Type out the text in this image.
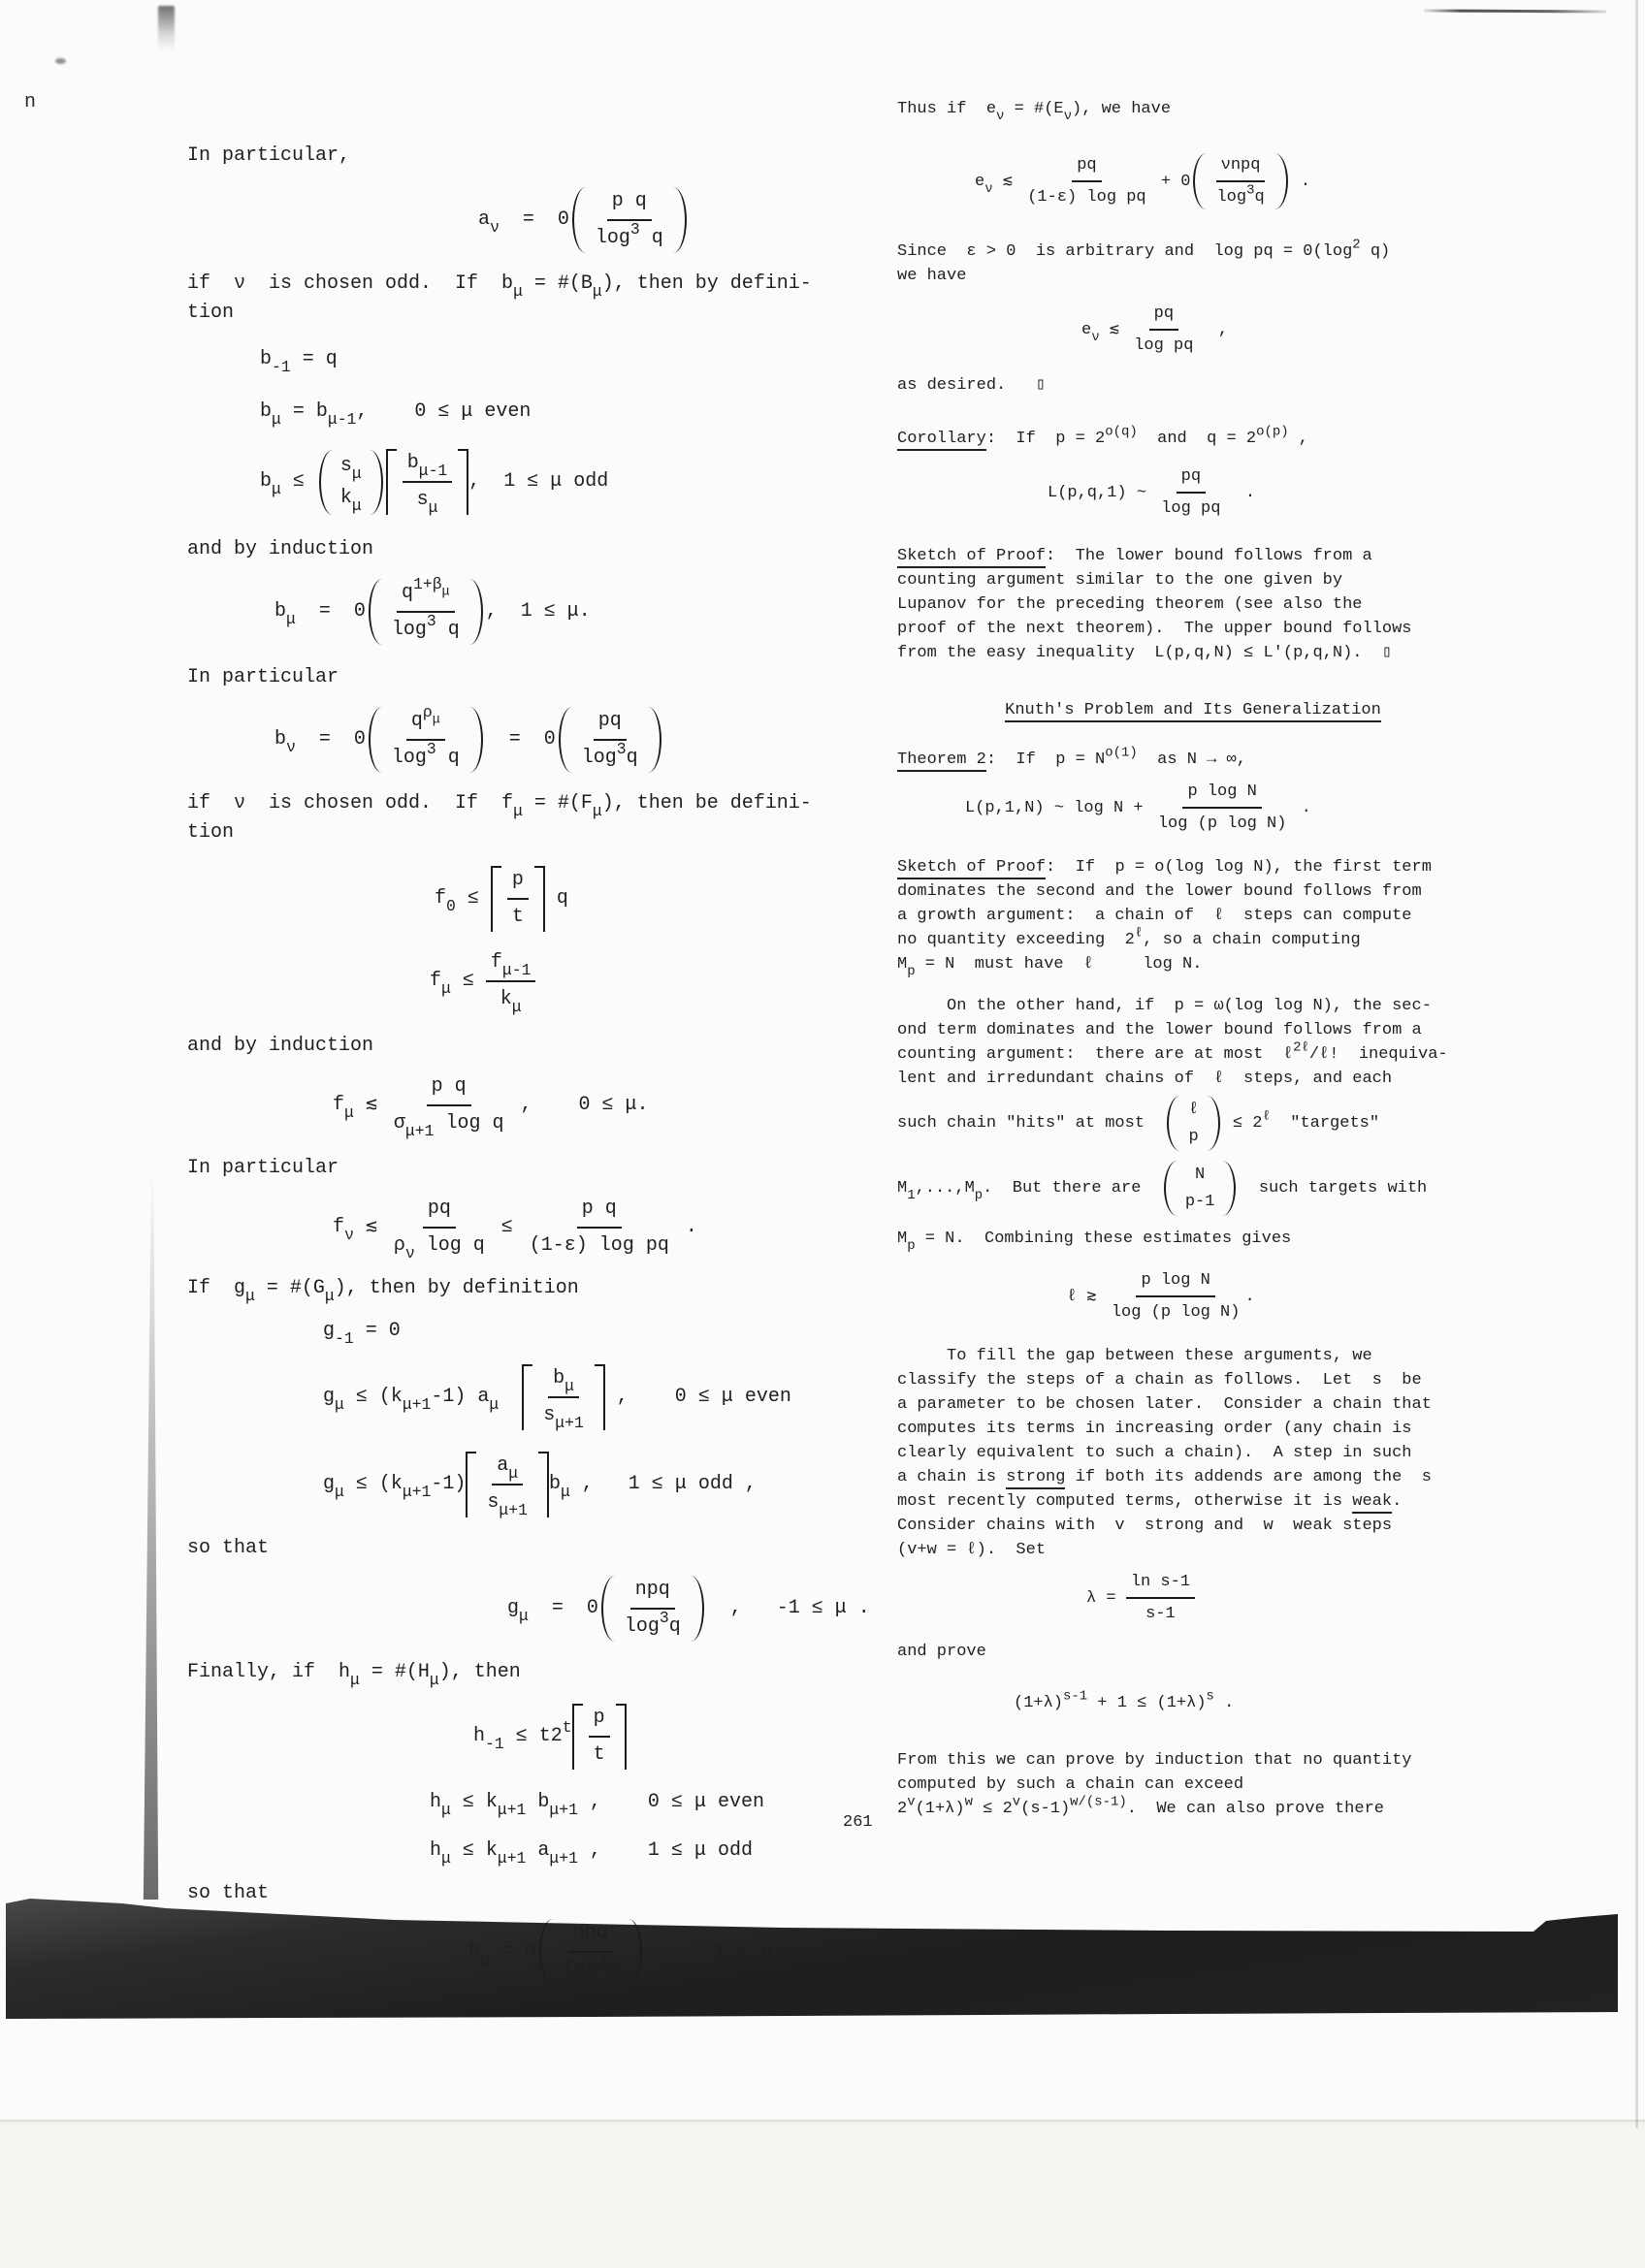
n
In particular,
$a_\nu = 0 \frac{\text{p q}}{\log^3 q}$
if  ν  is chosen odd.  If  $b_\mu$ = $\#(B_\mu)$, then by defini-
tion
$b_{-1} = q$
$b_\mu = b_{\mu-1}$,    0 ≤ μ even
$b_\mu$ ≤
$s_\mu$
$k_\mu \frac{b_{\mu-1}}{s_\mu}$ ,  1 ≤ μ odd
and by induction
$b_\mu = 0 \frac{q^{1+\beta_\mu}}{\log^3 q}$ ,  1 ≤ μ.
In particular
$b_\nu = 0 \frac{q^{\rho_\mu}}{\log^3 q} = 0 \frac{pq}{\log^3q}$
if  ν  is chosen odd.  If  $f_\mu$ = $\#(F_\mu)$, then be defini-
tion
$f_0 \le \frac{p}{t}$ q
$f_\mu \le \frac{f_{\mu-1}}{k_\mu}$
and by induction
$f_\mu$ ≲ $\frac{\text{p q}}{\sigma_{\mu+1} \log q}$ ,    0 ≤ μ.
In particular
$f_\nu$ ≲ $\frac{pq}{\rho_\nu \log q} \le \frac{\text{p q}}{\text{(1-ε) log pq}}$ .
If  $g_\mu$ = $\#(G_\mu)$, then by definition
$g_{-1} = 0$
$g_\mu \le (k_{\mu+1}-1)$ $a_\mu$	$\frac{b_\mu}{s_{\mu+1}}$ ,    0 ≤ μ even
$g_\mu \le (k_{\mu+1}-1) \frac{a_\mu}{s_{\mu+1}} b_\mu$ ,   1 ≤ μ odd ,
so that
$g_\mu = 0 \frac{\text{npq}}{\log^3q}$ ,   -1 ≤ μ .
Finally, if  $h_\mu$ = $\#(H_\mu)$, then
$h_{-1} \le t2^t \frac{p}{t}$
$h_\mu \le k_{\mu+1}$ $b_{\mu+1}$ ,    0 ≤ μ even
$h_\mu \le k_{\mu+1}$ $a_{\mu+1}$ ,    1 ≤ μ odd
so that
$h_\mu = 0 \frac{\text{npq}}{\log^3q}$ ,   -1 ≤ μ .
Thus if  $e_\nu$ = $\#(E_\nu)$, we have
$e_\nu$ ≲ $\frac{pq}{\text{(1-ε) log pq}} + 0 \frac{\text{νnpq}}{\log^3q}$ .
Since  ε > 0  is arbitrary and  log pq = $0(\log^2$ q)
we have
$e_\nu$ ≲ $\frac{pq}{\text{log pq}}$ ,
as desired.   ▯
Corollary:  If  $p = 2^{o(q)}$  and  $q = 2^{o(p)}$ ,
L(p,q,1) ~ $\frac{pq}{\text{log pq}}$ .
Sketch of Proof:  The lower bound follows from a
counting argument similar to the one given by
Lupanov for the preceding theorem (see also the
proof of the next theorem).  The upper bound follows
from the easy inequality  L(p,q,N) ≤ L'(p,q,N).  ▯
Knuth's Problem and Its Generalization
Theorem 2:  If  $p = N^{o(1)}$  as N → ∞,
L(p,1,N) ~ $\log N + \frac{\text{p log N}}{\text{log (p log N)}}$ .
Sketch of Proof:  If  p = o(log log N), the first term
dominates the second and the lower bound follows from
a growth argument:  a chain of  ℓ  steps can compute
no quantity exceeding  $2^\ell$, so a chain computing
$M_p = N$  must have  ℓ     log N.
On the other hand, if  p = ω(log log N), the sec-
ond term dominates and the lower bound follows from a
counting argument:  there are at most  ℓ$^{2\ell}$/ℓ!  inequiva-
lent and irredundant chains of  ℓ  steps, and each
such chain "hits" at most
ℓ
p
≤ $2^\ell$  "targets"
$M_1,...,M_p$.  But there are
N
p-1
such targets with
$M_p = N$.  Combining these estimates gives
ℓ ≳ $\frac{\text{p log N}}{\text{log (p log N)}}$ .
To fill the gap between these arguments, we
classify the steps of a chain as follows.  Let  s  be
a parameter to be chosen later.  Consider a chain that
computes its terms in increasing order (any chain is
clearly equivalent to such a chain).  A step in such
a chain is strong if both its addends are among the  s
most recently computed terms, otherwise it is weak.
Consider chains with  v  strong and  w  weak steps
(v+w = ℓ).  Set
$\lambda = \frac{\text{ln s-1}}{s-1}$
and prove
$(1+\lambda)^{s-1} + 1 \le (1+\lambda)^s$ .
From this we can prove by induction that no quantity
computed by such a chain can exceed
$2^v(1+\lambda)^w \le 2^v(s-1)^{w/(s-1)}$.  We can also prove there
261
